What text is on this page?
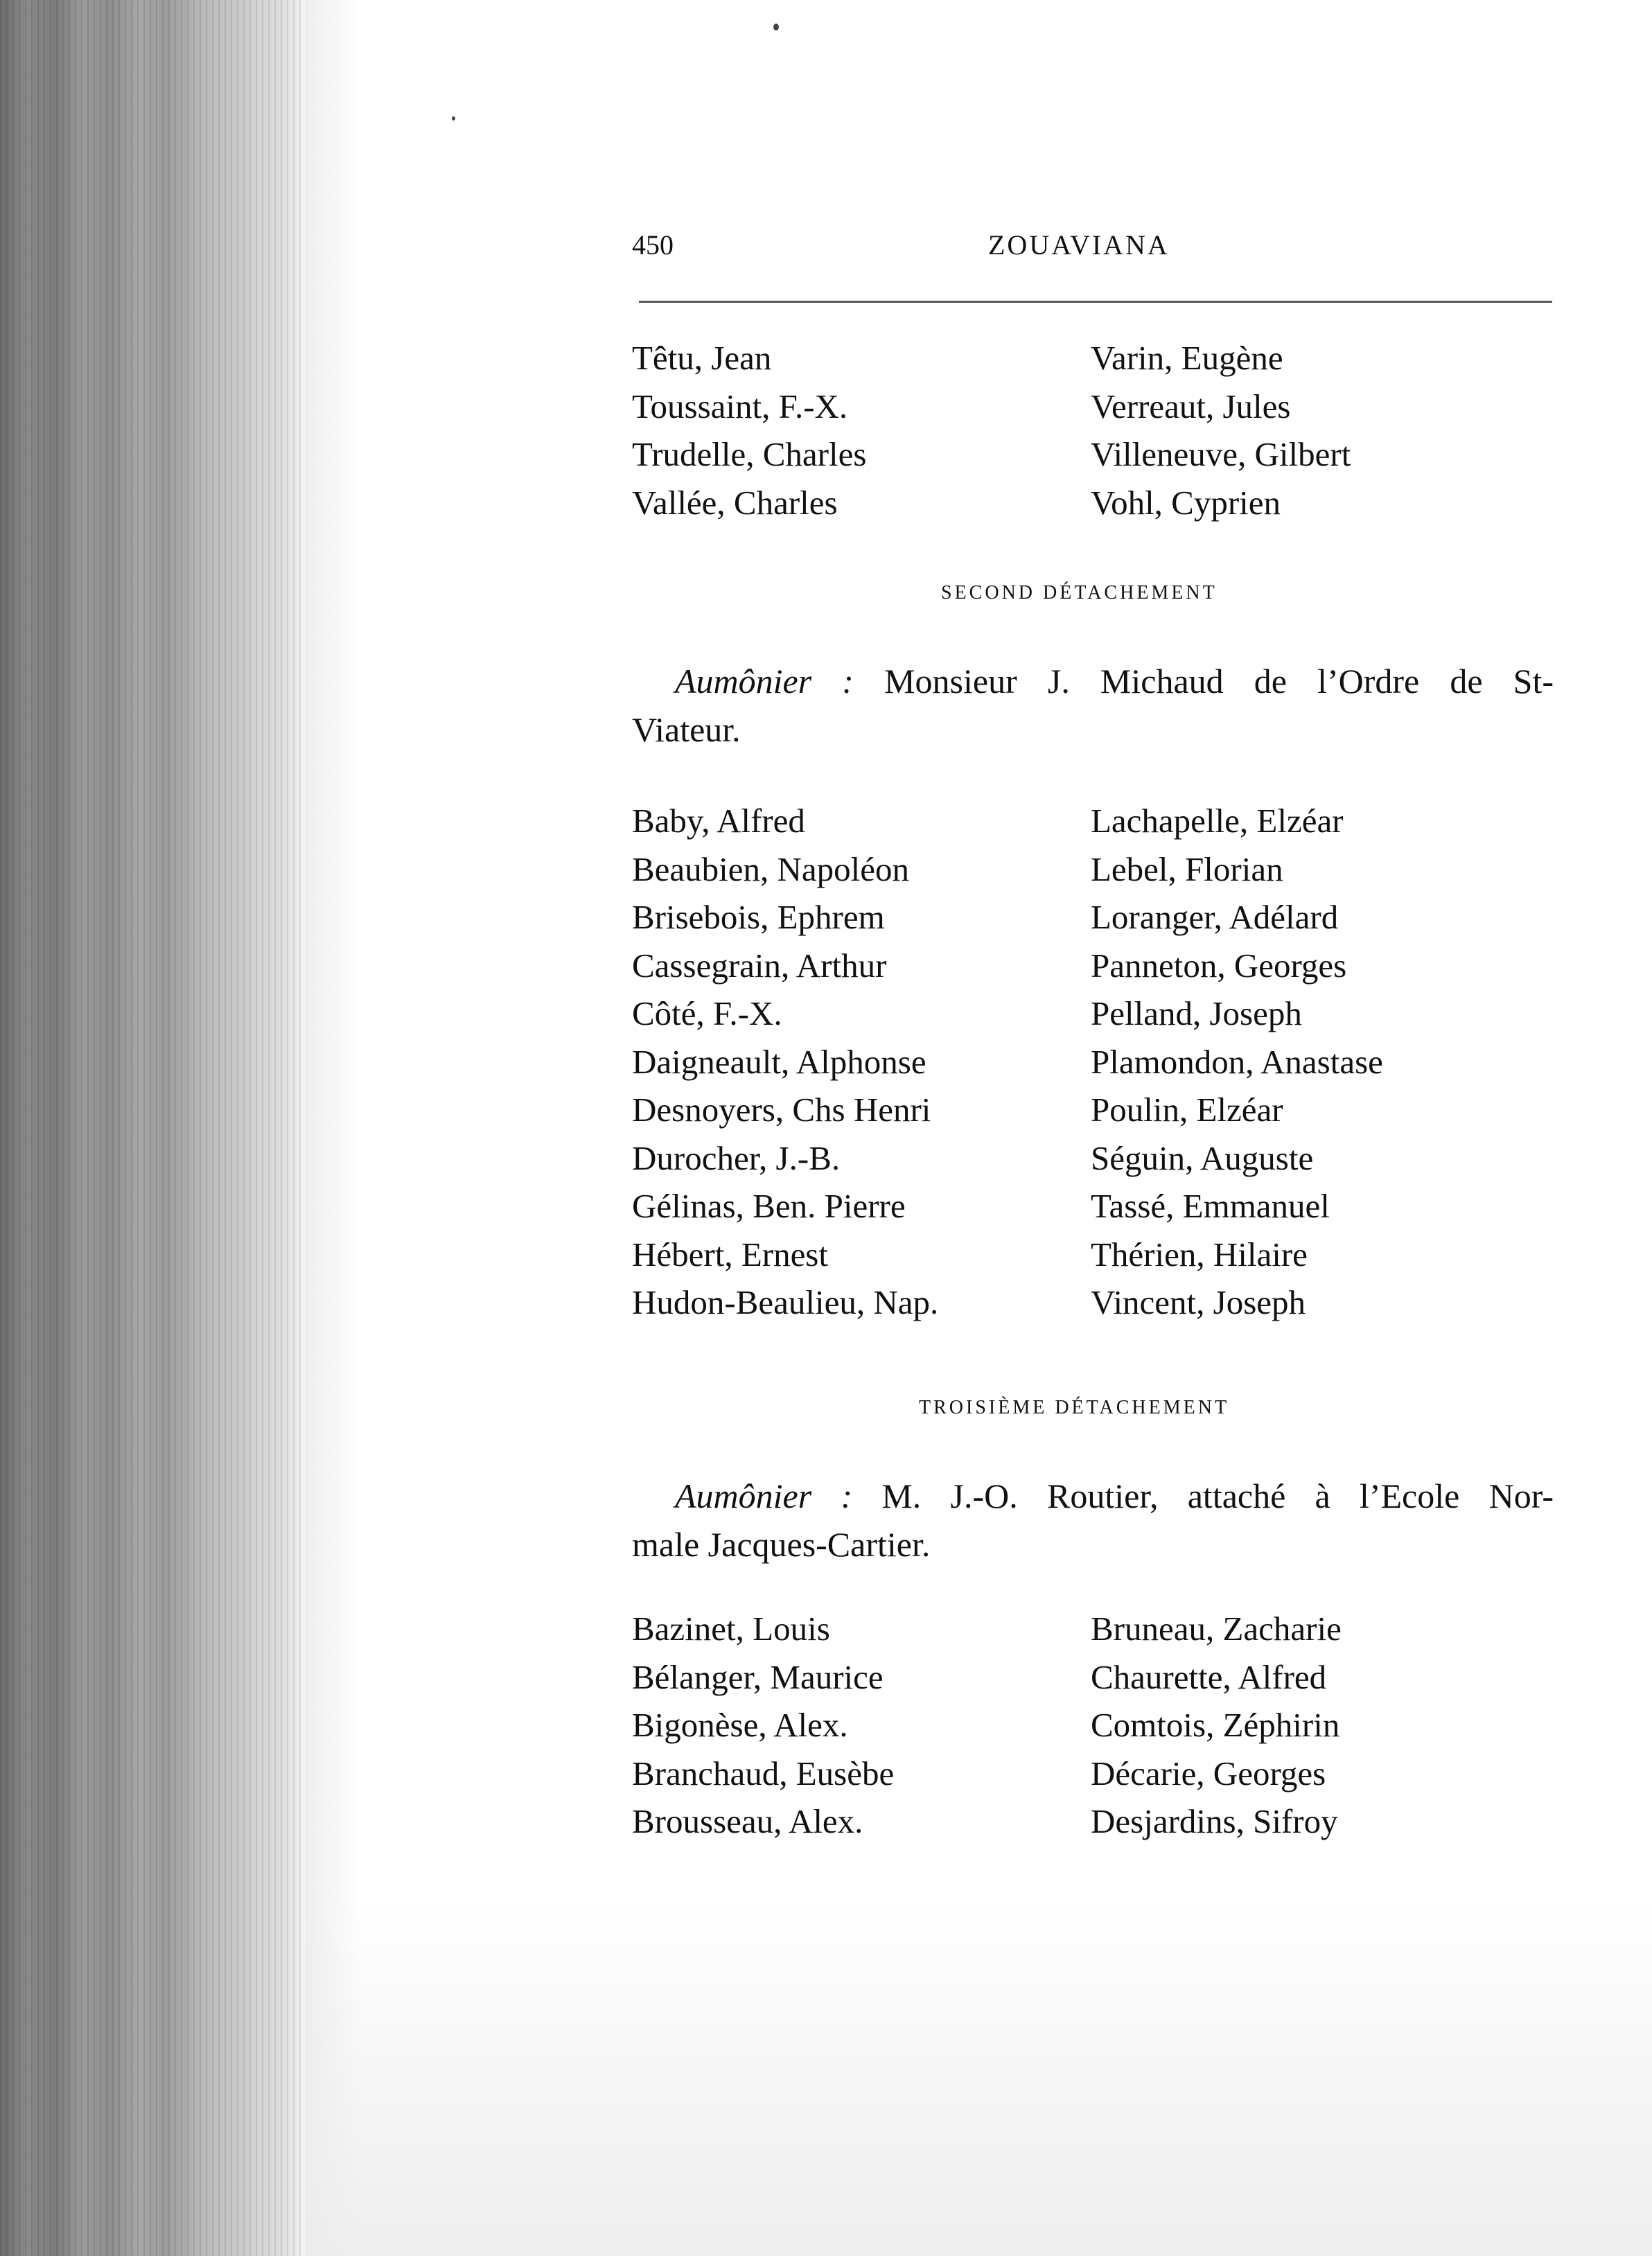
450	ZOUAVIANA
Têtu, Jean
Toussaint, F.-X.
Trudelle, Charles
Vallée, Charles
Varin, Eugène
Verreaut, Jules
Villeneuve, Gilbert
Vohl, Cyprien
SECOND DÉTACHEMENT
Aumônier : Monsieur J. Michaud de l’Ordre de St-
Viateur.
Baby, Alfred
Beaubien, Napoléon
Brisebois, Ephrem
Cassegrain, Arthur
Côté, F.-X.
Daigneault, Alphonse
Desnoyers, Chs Henri
Durocher, J.-B.
Gélinas, Ben. Pierre
Hébert, Ernest
Hudon-Beaulieu, Nap.
Lachapelle, Elzéar
Lebel, Florian
Loranger, Adélard
Panneton, Georges
Pelland, Joseph
Plamondon, Anastase
Poulin, Elzéar
Séguin, Auguste
Tassé, Emmanuel
Thérien, Hilaire
Vincent, Joseph
TROISIÈME DÉTACHEMENT
Aumônier : M. J.-O. Routier, attaché à l’Ecole Nor-
male Jacques-Cartier.
Bazinet, Louis
Bélanger, Maurice
Bigonèse, Alex.
Branchaud, Eusèbe
Brousseau, Alex.
Bruneau, Zacharie
Chaurette, Alfred
Comtois, Zéphirin
Décarie, Georges
Desjardins, Sifroy
